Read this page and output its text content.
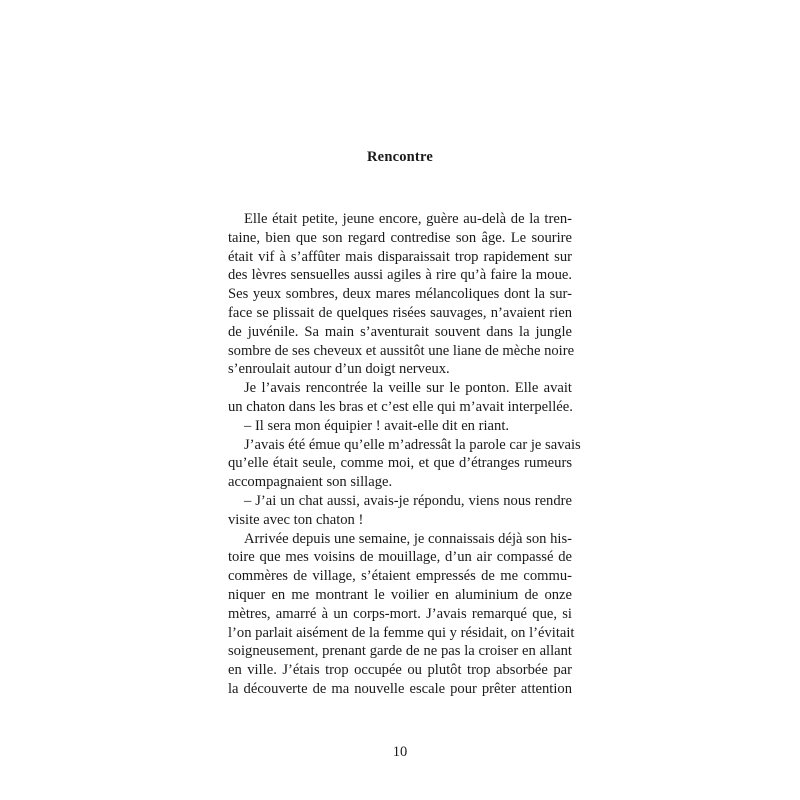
Rencontre
Elle était petite, jeune encore, guère au-delà de la tren-
taine, bien que son regard contredise son âge. Le sourire
était vif à s’affûter mais disparaissait trop rapidement sur
des lèvres sensuelles aussi agiles à rire qu’à faire la moue.
Ses yeux sombres, deux mares mélancoliques dont la sur-
face se plissait de quelques risées sauvages, n’avaient rien
de juvénile. Sa main s’aventurait souvent dans la jungle
sombre de ses cheveux et aussitôt une liane de mèche noire
s’enroulait autour d’un doigt nerveux.
Je l’avais rencontrée la veille sur le ponton. Elle avait
un chaton dans les bras et c’est elle qui m’avait interpellée.
– Il sera mon équipier ! avait-elle dit en riant.
J’avais été émue qu’elle m’adressât la parole car je savais
qu’elle était seule, comme moi, et que d’étranges rumeurs
accompagnaient son sillage.
– J’ai un chat aussi, avais-je répondu, viens nous rendre
visite avec ton chaton !
Arrivée depuis une semaine, je connaissais déjà son his-
toire que mes voisins de mouillage, d’un air compassé de
commères de village, s’étaient empressés de me commu-
niquer en me montrant le voilier en aluminium de onze
mètres, amarré à un corps-mort. J’avais remarqué que, si
l’on parlait aisément de la femme qui y résidait, on l’évitait
soigneusement, prenant garde de ne pas la croiser en allant
en ville. J’étais trop occupée ou plutôt trop absorbée par
la découverte de ma nouvelle escale pour prêter attention
10
